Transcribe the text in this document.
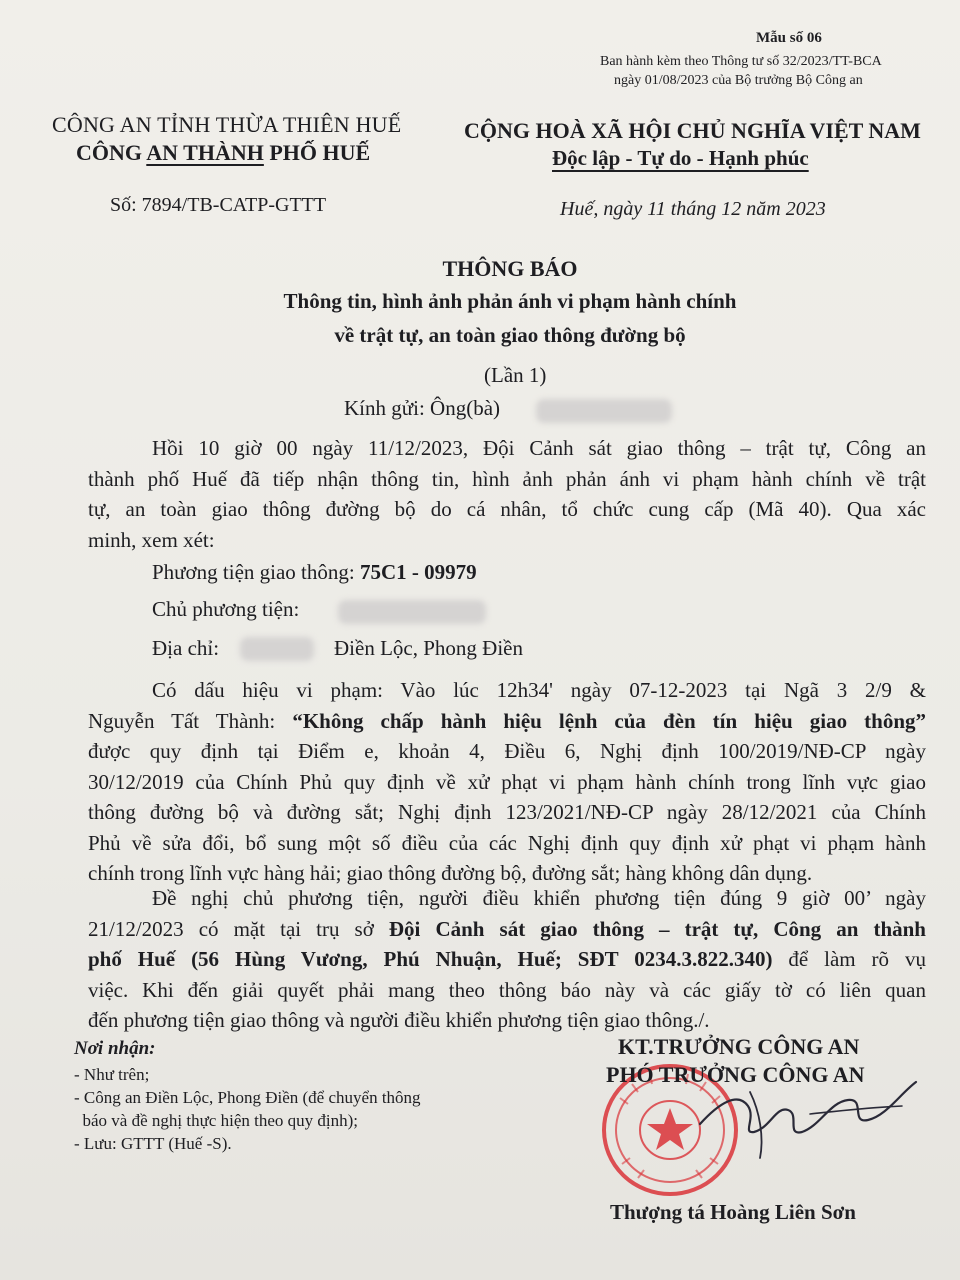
Mẫu số 06
Ban hành kèm theo Thông tư số 32/2023/TT-BCA
ngày 01/08/2023 của Bộ trưởng Bộ Công an
CÔNG AN TỈNH THỪA THIÊN HUẾ
CÔNG AN THÀNH PHỐ HUẾ
CỘNG HOÀ XÃ HỘI CHỦ NGHĨA VIỆT NAM
Độc lập - Tự do - Hạnh phúc
Số: 7894/TB-CATP-GTTT	Huế, ngày 11 tháng 12 năm 2023
THÔNG BÁO
Thông tin, hình ảnh phản ánh vi phạm hành chính
về trật tự, an toàn giao thông đường bộ
(Lần 1)
Kính gửi: Ông(bà)
Hồi 10 giờ 00 ngày 11/12/2023, Đội Cảnh sát giao thông – trật tự, Công an
thành phố Huế đã tiếp nhận thông tin, hình ảnh phản ánh vi phạm hành chính về trật
tự, an toàn giao thông đường bộ do cá nhân, tổ chức cung cấp (Mã 40). Qua xác
minh, xem xét:
Phương tiện giao thông: 75C1 - 09979
Chủ phương tiện:
Địa chỉ:	Điền Lộc, Phong Điền
Có dấu hiệu vi phạm: Vào lúc 12h34' ngày 07-12-2023 tại Ngã 3 2/9 &
Nguyễn Tất Thành: “Không chấp hành hiệu lệnh của đèn tín hiệu giao thông”
được quy định tại Điểm e, khoản 4, Điều 6, Nghị định 100/2019/NĐ-CP ngày
30/12/2019 của Chính Phủ quy định về xử phạt vi phạm hành chính trong lĩnh vực giao
thông đường bộ và đường sắt; Nghị định 123/2021/NĐ-CP ngày 28/12/2021 của Chính
Phủ về sửa đổi, bổ sung một số điều của các Nghị định quy định xử phạt vi phạm hành
chính trong lĩnh vực hàng hải; giao thông đường bộ, đường sắt; hàng không dân dụng.
Đề nghị chủ phương tiện, người điều khiển phương tiện đúng 9 giờ 00’ ngày
21/12/2023 có mặt tại trụ sở Đội Cảnh sát giao thông – trật tự, Công an thành
phố Huế (56 Hùng Vương, Phú Nhuận, Huế; SĐT 0234.3.822.340) để làm rõ vụ
việc. Khi đến giải quyết phải mang theo thông báo này và các giấy tờ có liên quan
đến phương tiện giao thông và người điều khiển phương tiện giao thông./.
Nơi nhận:
- Như trên;
- Công an Điền Lộc, Phong Điền (để chuyển thông
báo và đề nghị thực hiện theo quy định);
- Lưu: GTTT (Huế -S).
KT.TRƯỞNG CÔNG AN
PHÓ TRƯỞNG CÔNG AN
Thượng tá Hoàng Liên Sơn
